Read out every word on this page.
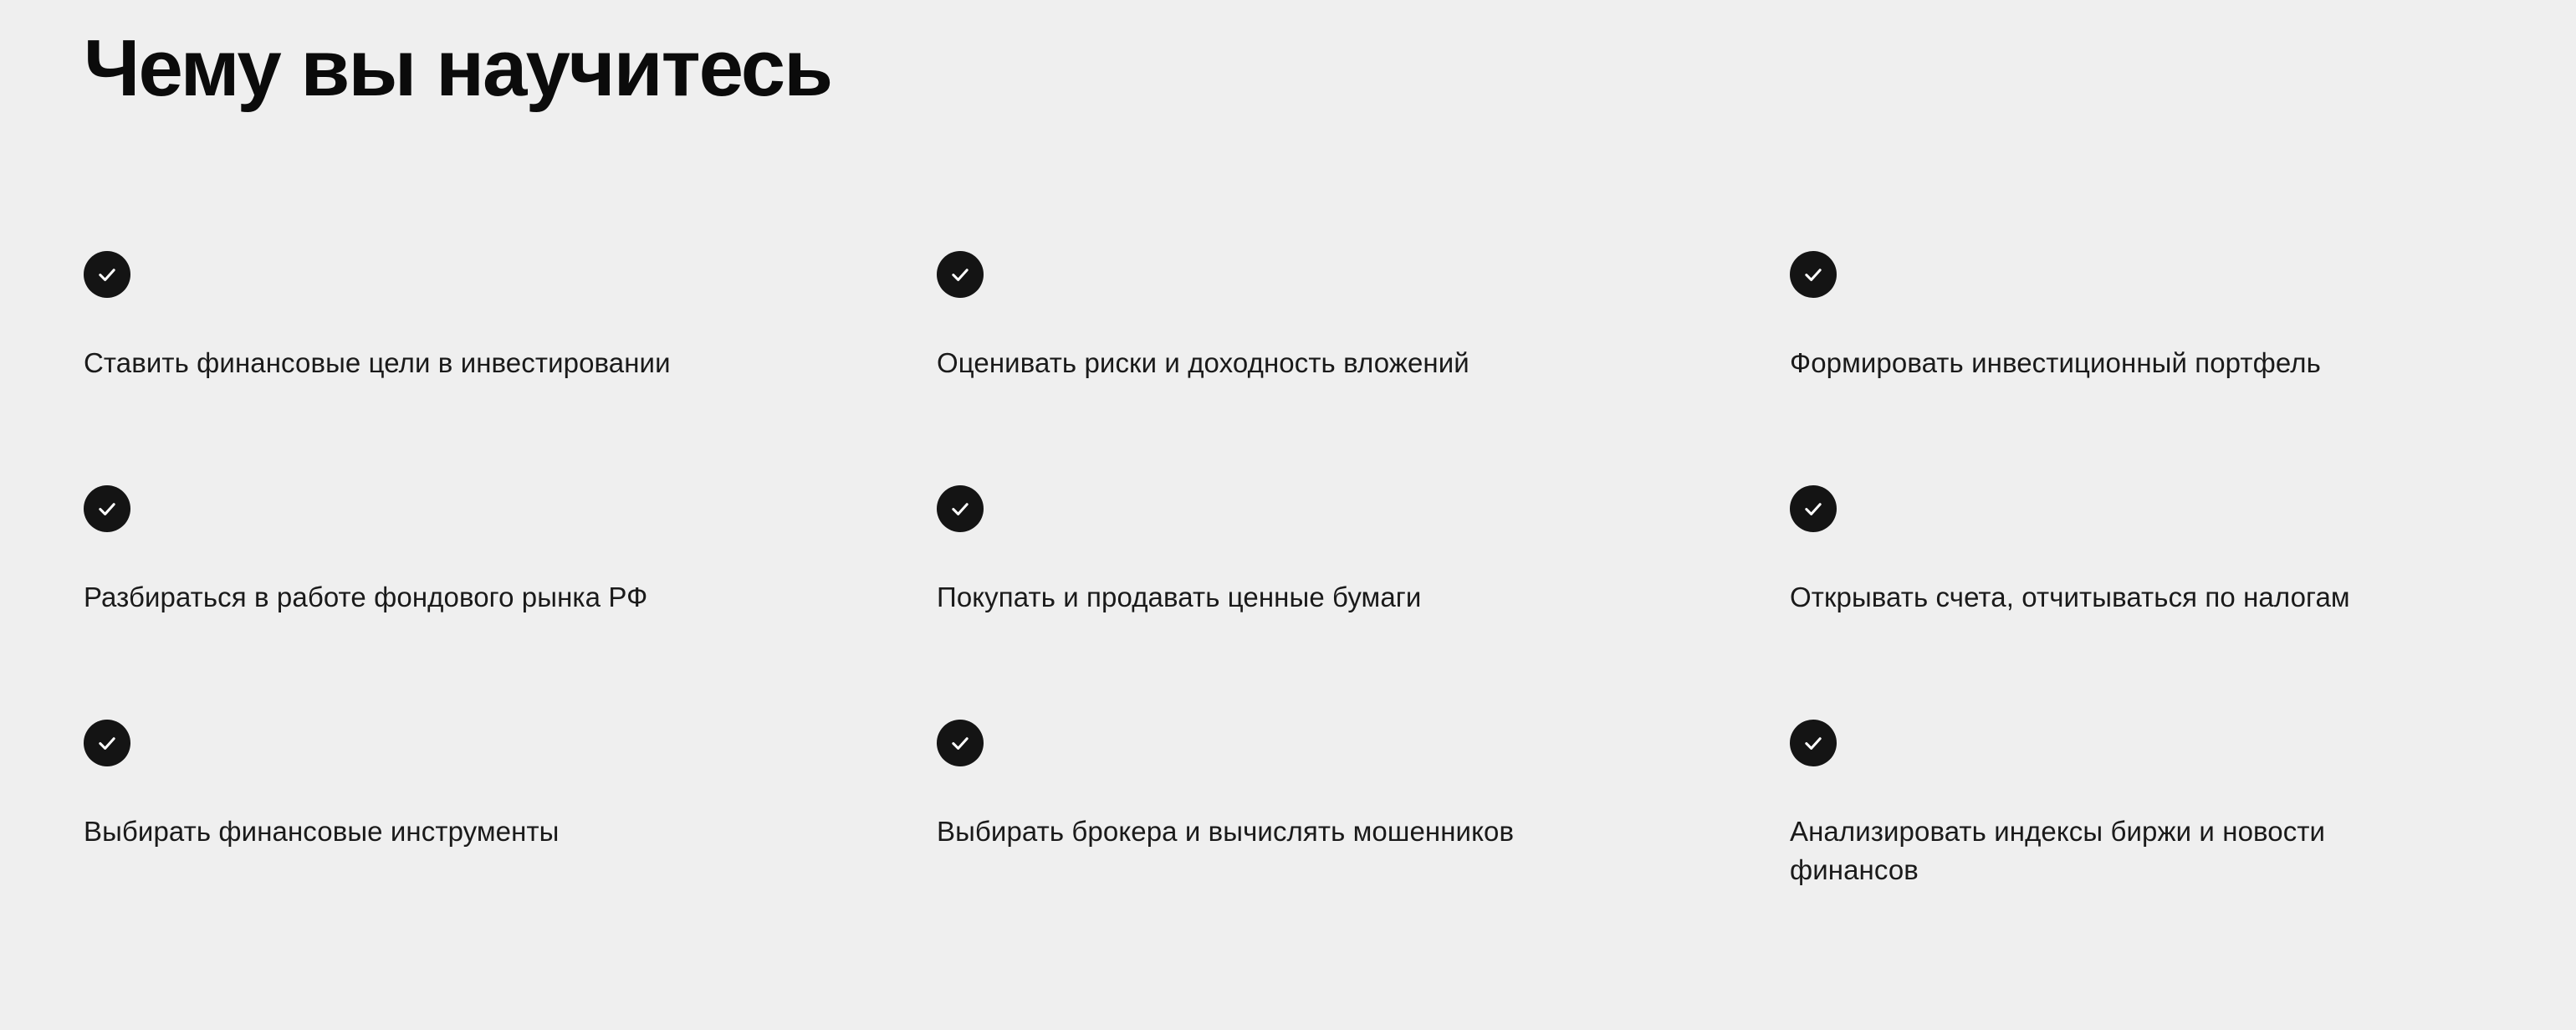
Чему вы научитесь
Ставить финансовые цели в инвестировании	Оценивать риски и доходность вложений	Формировать инвестиционный портфель
Разбираться в работе фондового рынка РФ	Покупать и продавать ценные бумаги	Открывать счета, отчитываться по налогам
Выбирать финансовые инструменты	Выбирать брокера и вычислять мошенников	Анализировать индексы биржи и новости финансов
